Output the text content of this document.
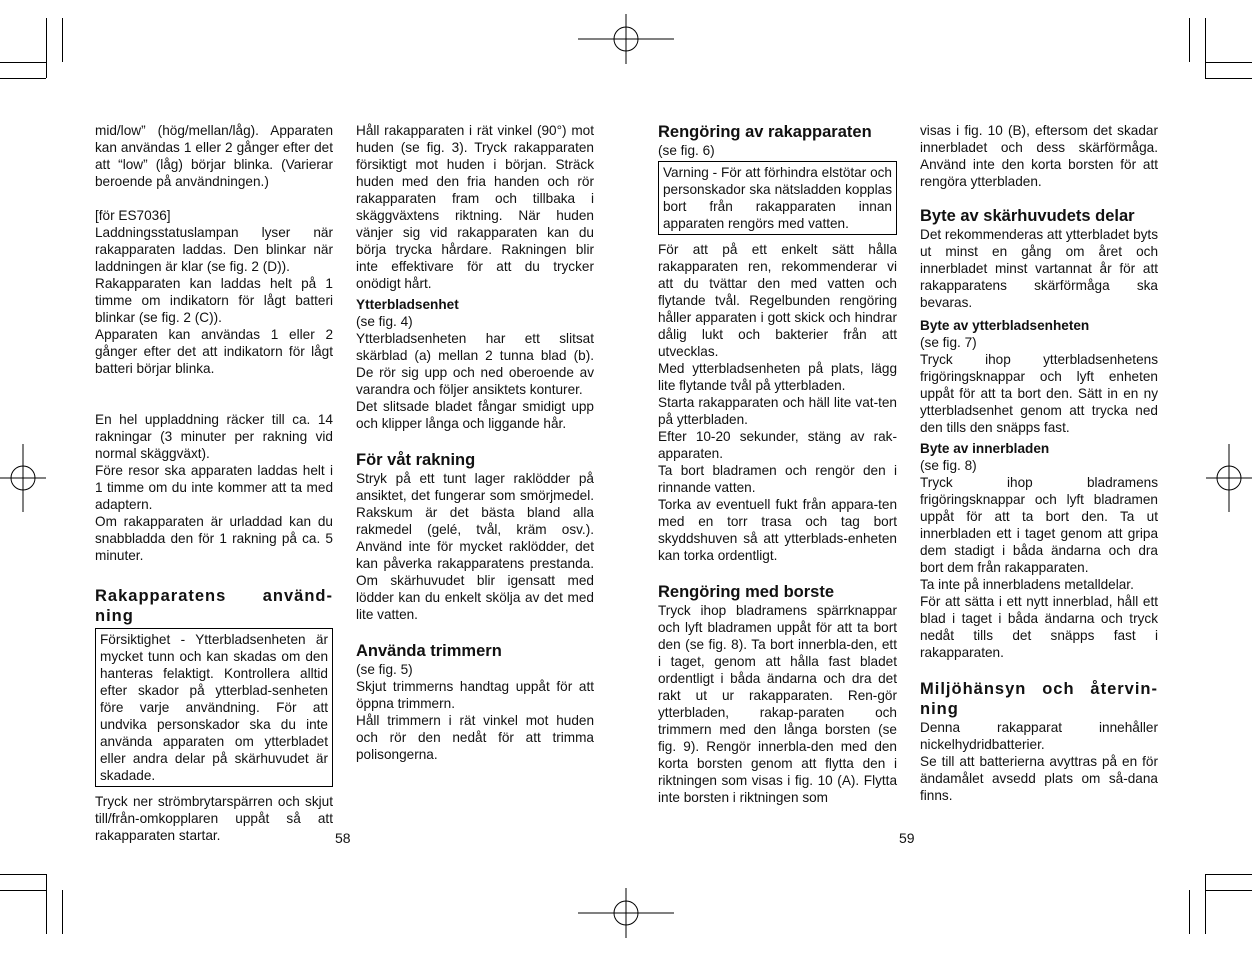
mid/low” (hög/mellan/låg). Apparaten kan användas 1 eller 2 gånger efter det att “low” (låg) börjar blinka. (Varierar beroende på användningen.)

[för ES7036]

Laddningsstatuslampan lyser när rakapparaten laddas. Den blinkar när laddningen är klar (se fig. 2 (D)).

Rakapparaten kan laddas helt på 1 timme om indikatorn för lågt batteri blinkar (se fig. 2 (C)).

Apparaten kan användas 1 eller 2 gånger efter det att indikatorn för lågt batteri börjar blinka.

En hel uppladdning räcker till ca. 14 rakningar (3 minuter per rakning vid normal skäggväxt).

Före resor ska apparaten laddas helt i 1 timme om du inte kommer att ta med adaptern.

Om rakapparaten är urladdad kan du snabbladda den för 1 rakning på ca. 5 minuter.

Rakapparatens använd-ning

Försiktighet - Ytterbladsenheten är mycket tunn och kan skadas om den hanteras felaktigt. Kontrollera alltid efter skador på ytterblad-senheten före varje användning. För att undvika personskador ska du inte använda apparaten om ytterbladet eller andra delar på skärhuvudet är skadade.

Tryck ner strömbrytarspärren och skjut till/från-omkopplaren uppåt så att rakapparaten startar.

Håll rakapparaten i rät vinkel (90°) mot huden (se fig. 3). Tryck rakapparaten försiktigt mot huden i början. Sträck huden med den fria handen och rör rakapparaten fram och tillbaka i skäggväxtens riktning. När huden vänjer sig vid rakapparaten kan du börja trycka hårdare. Rakningen blir inte effektivare för att du trycker onödigt hårt.

Ytterbladsenhet

(se fig. 4)

Ytterbladsenheten har ett slitsat skärblad (a) mellan 2 tunna blad (b). De rör sig upp och ned oberoende av varandra och följer ansiktets konturer.

Det slitsade bladet fångar smidigt upp och klipper långa och liggande hår.

För våt rakning

Stryk på ett tunt lager raklödder på ansiktet, det fungerar som smörjmedel. Rakskum är det bästa bland alla rakmedel (gelé, tvål, kräm osv.). Använd inte för mycket raklödder, det kan påverka rakapparatens prestanda. Om skärhuvudet blir igensatt med lödder kan du enkelt skölja av det med lite vatten.

Använda trimmern

(se fig. 5)

Skjut trimmerns handtag uppåt för att öppna trimmern.

Håll trimmern i rät vinkel mot huden och rör den nedåt för att trimma polisongerna.

58
Rengöring av rakapparaten

(se fig. 6)

Varning - För att förhindra elstötar och personskador ska nätsladden kopplas bort från rakapparaten innan apparaten rengörs med vatten.

För att på ett enkelt sätt hålla rakapparaten ren, rekommenderar vi att du tvättar den med vatten och flytande tvål. Regelbunden rengöring håller apparaten i gott skick och hindrar dålig lukt och bakterier från att utvecklas.

Med ytterbladsenheten på plats, lägg lite flytande tvål på ytterbladen.

Starta rakapparaten och häll lite vat-ten på ytterbladen.

Efter 10-20 sekunder, stäng av rak-apparaten.

Ta bort bladramen och rengör den i rinnande vatten.

Torka av eventuell fukt från appara-ten med en torr trasa och tag bort skyddshuven så att ytterblads-enheten kan torka ordentligt.

Rengöring med borste

Tryck ihop bladramens spärrknappar och lyft bladramen uppåt för att ta bort den (se fig. 8). Ta bort innerbla-den, ett i taget, genom att hålla fast bladet ordentligt i båda ändarna och dra det rakt ut ur rakapparaten. Ren-gör ytterbladen, rakap-paraten och trimmern med den långa borsten (se fig. 9). Rengör innerbla-den med den korta borsten genom att flytta den i riktningen som visas i fig. 10 (A). Flytta inte borsten i riktningen som

visas i fig. 10 (B), eftersom det skadar innerbladet och dess skärförmåga. Använd inte den korta borsten för att rengöra ytterbladen.

Byte av skärhuvudets delar

Det rekommenderas att ytterbladet byts ut minst en gång om året och innerbladet minst vartannat år för att rakapparatens skärförmåga ska bevaras.

Byte av ytterbladsenheten

(se fig. 7)

Tryck ihop ytterbladsenhetens frigöringsknappar och lyft enheten uppåt för att ta bort den. Sätt in en ny ytterbladsenhet genom att trycka ned den tills den snäpps fast.

Byte av innerbladen

(se fig. 8)

Tryck ihop bladramens frigöringsknappar och lyft bladramen uppåt för att ta bort den. Ta ut innerbladen ett i taget genom att gripa dem stadigt i båda ändarna och dra bort dem från rakapparaten.

Ta inte på innerbladens metalldelar.

För att sätta i ett nytt innerblad, håll ett blad i taget i båda ändarna och tryck nedåt tills det snäpps fast i rakapparaten.

Miljöhänsyn och återvin-ning

Denna rakapparat innehåller nickelhydridbatterier.

Se till att batterierna avyttras på en för ändamålet avsedd plats om så-dana finns.

59
